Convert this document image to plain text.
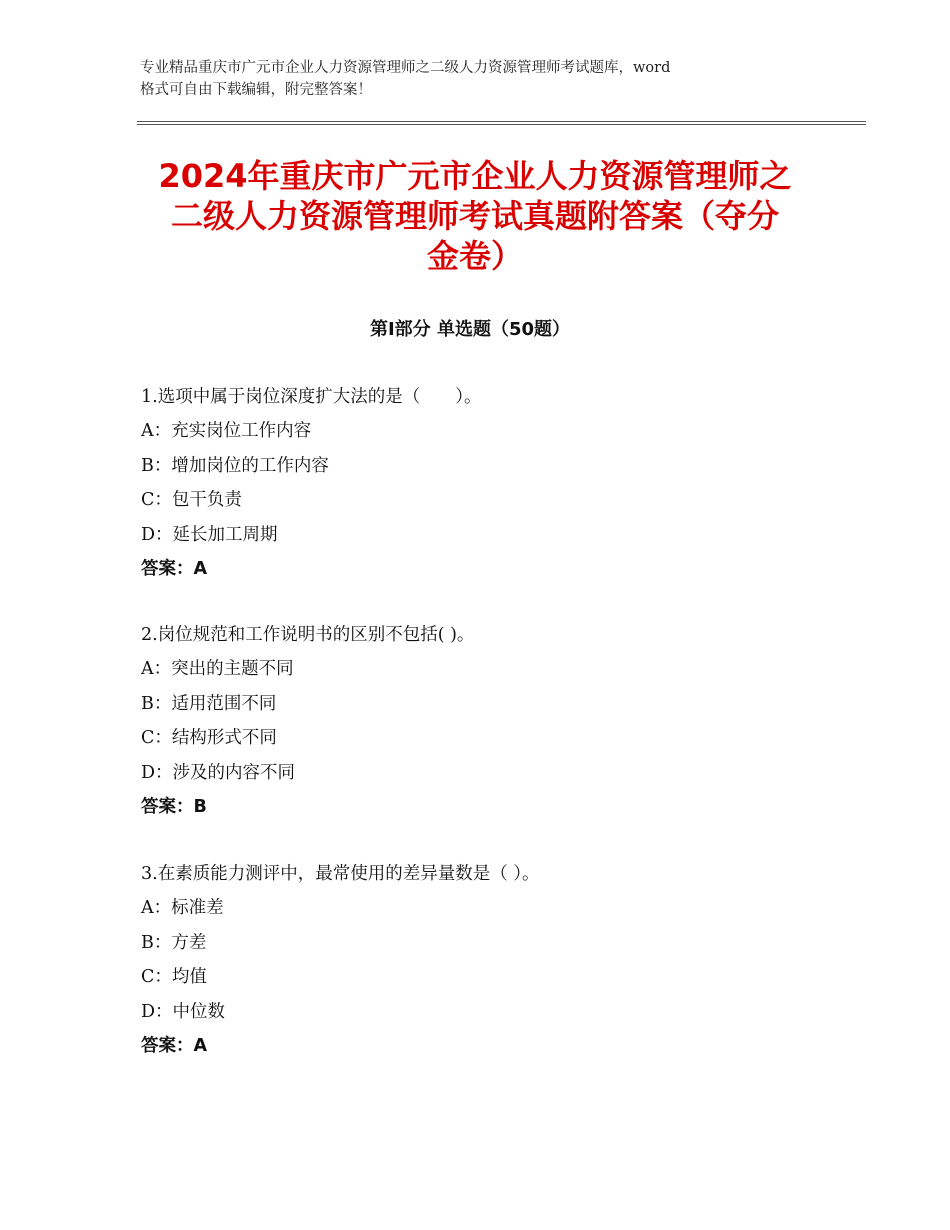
专业精品重庆市广元市企业人力资源管理师之二级人力资源管理师考试题库，word
格式可自由下载编辑，附完整答案！
2024年重庆市广元市企业人力资源管理师之
二级人力资源管理师考试真题附答案（夺分
金卷）
第Ⅰ部分 单选题（50题）
1.选项中属于岗位深度扩大法的是（　　）。
A：充实岗位工作内容
B：增加岗位的工作内容
C：包干负责
D：延长加工周期
答案：A
2.岗位规范和工作说明书的区别不包括( )。
A：突出的主题不同
B：适用范围不同
C：结构形式不同
D：涉及的内容不同
答案：B
3.在素质能力测评中，最常使用的差异量数是（ ）。
A：标准差
B：方差
C：均值
D：中位数
答案：A
